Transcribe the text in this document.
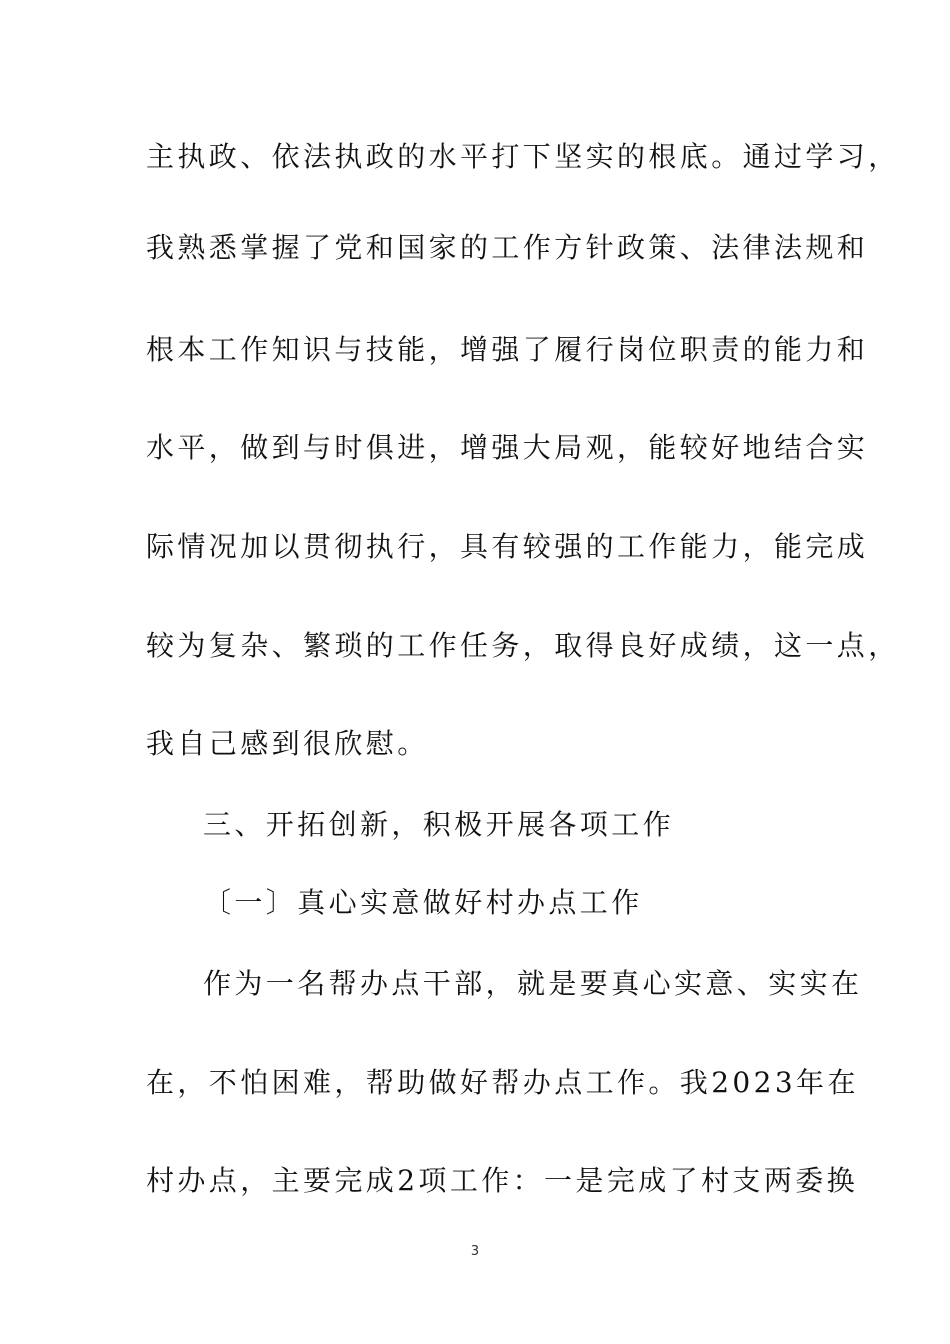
主执政、依法执政的水平打下坚实的根底。通过学习，
我熟悉掌握了党和国家的工作方针政策、法律法规和
根本工作知识与技能，增强了履行岗位职责的能力和
水平，做到与时俱进，增强大局观，能较好地结合实
际情况加以贯彻执行，具有较强的工作能力，能完成
较为复杂、繁琐的工作任务，取得良好成绩，这一点，
我自己感到很欣慰。
三、开拓创新，积极开展各项工作
〔一〕真心实意做好村办点工作
作为一名帮办点干部，就是要真心实意、实实在
在，不怕困难，帮助做好帮办点工作。我2023年在
村办点，主要完成2项工作：一是完成了村支两委换
3
